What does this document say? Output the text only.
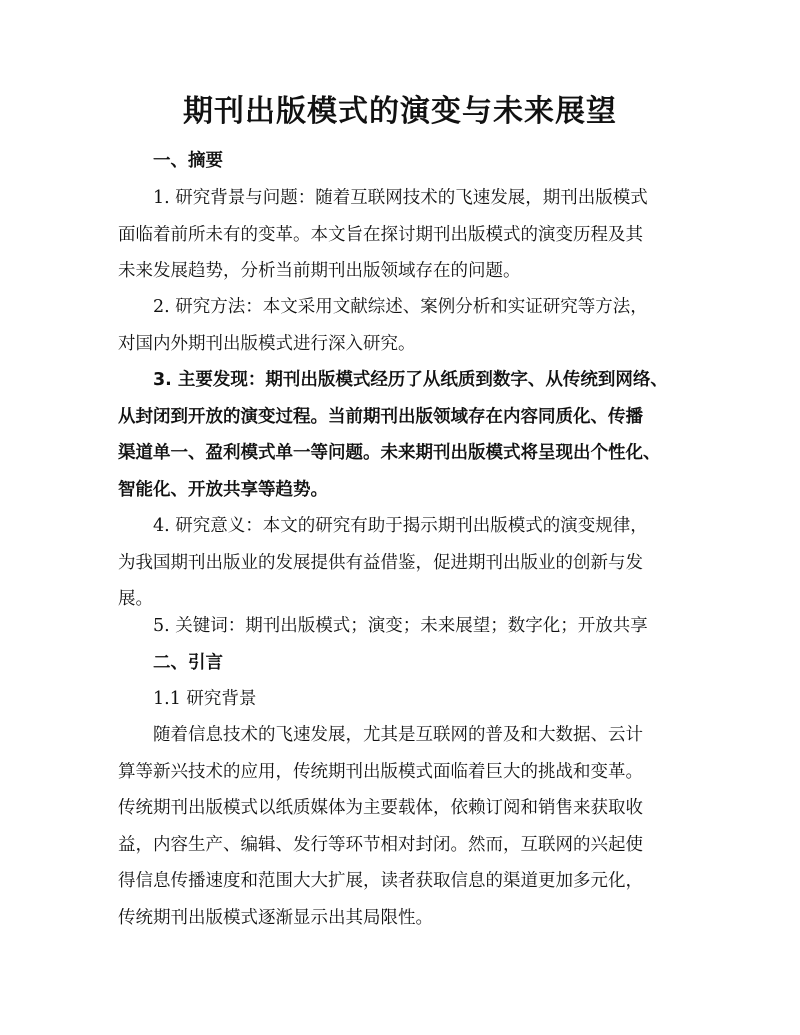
期刊出版模式的演变与未来展望
一、摘要
1. 研究背景与问题：随着互联网技术的飞速发展，期刊出版模式
面临着前所未有的变革。本文旨在探讨期刊出版模式的演变历程及其
未来发展趋势，分析当前期刊出版领域存在的问题。
2. 研究方法：本文采用文献综述、案例分析和实证研究等方法，
对国内外期刊出版模式进行深入研究。
3. 主要发现：期刊出版模式经历了从纸质到数字、从传统到网络、
从封闭到开放的演变过程。当前期刊出版领域存在内容同质化、传播
渠道单一、盈利模式单一等问题。未来期刊出版模式将呈现出个性化、
智能化、开放共享等趋势。
4. 研究意义：本文的研究有助于揭示期刊出版模式的演变规律，
为我国期刊出版业的发展提供有益借鉴，促进期刊出版业的创新与发
展。
5. 关键词：期刊出版模式；演变；未来展望；数字化；开放共享
二、引言
1.1 研究背景
随着信息技术的飞速发展，尤其是互联网的普及和大数据、云计
算等新兴技术的应用，传统期刊出版模式面临着巨大的挑战和变革。
传统期刊出版模式以纸质媒体为主要载体，依赖订阅和销售来获取收
益，内容生产、编辑、发行等环节相对封闭。然而，互联网的兴起使
得信息传播速度和范围大大扩展，读者获取信息的渠道更加多元化，
传统期刊出版模式逐渐显示出其局限性。
